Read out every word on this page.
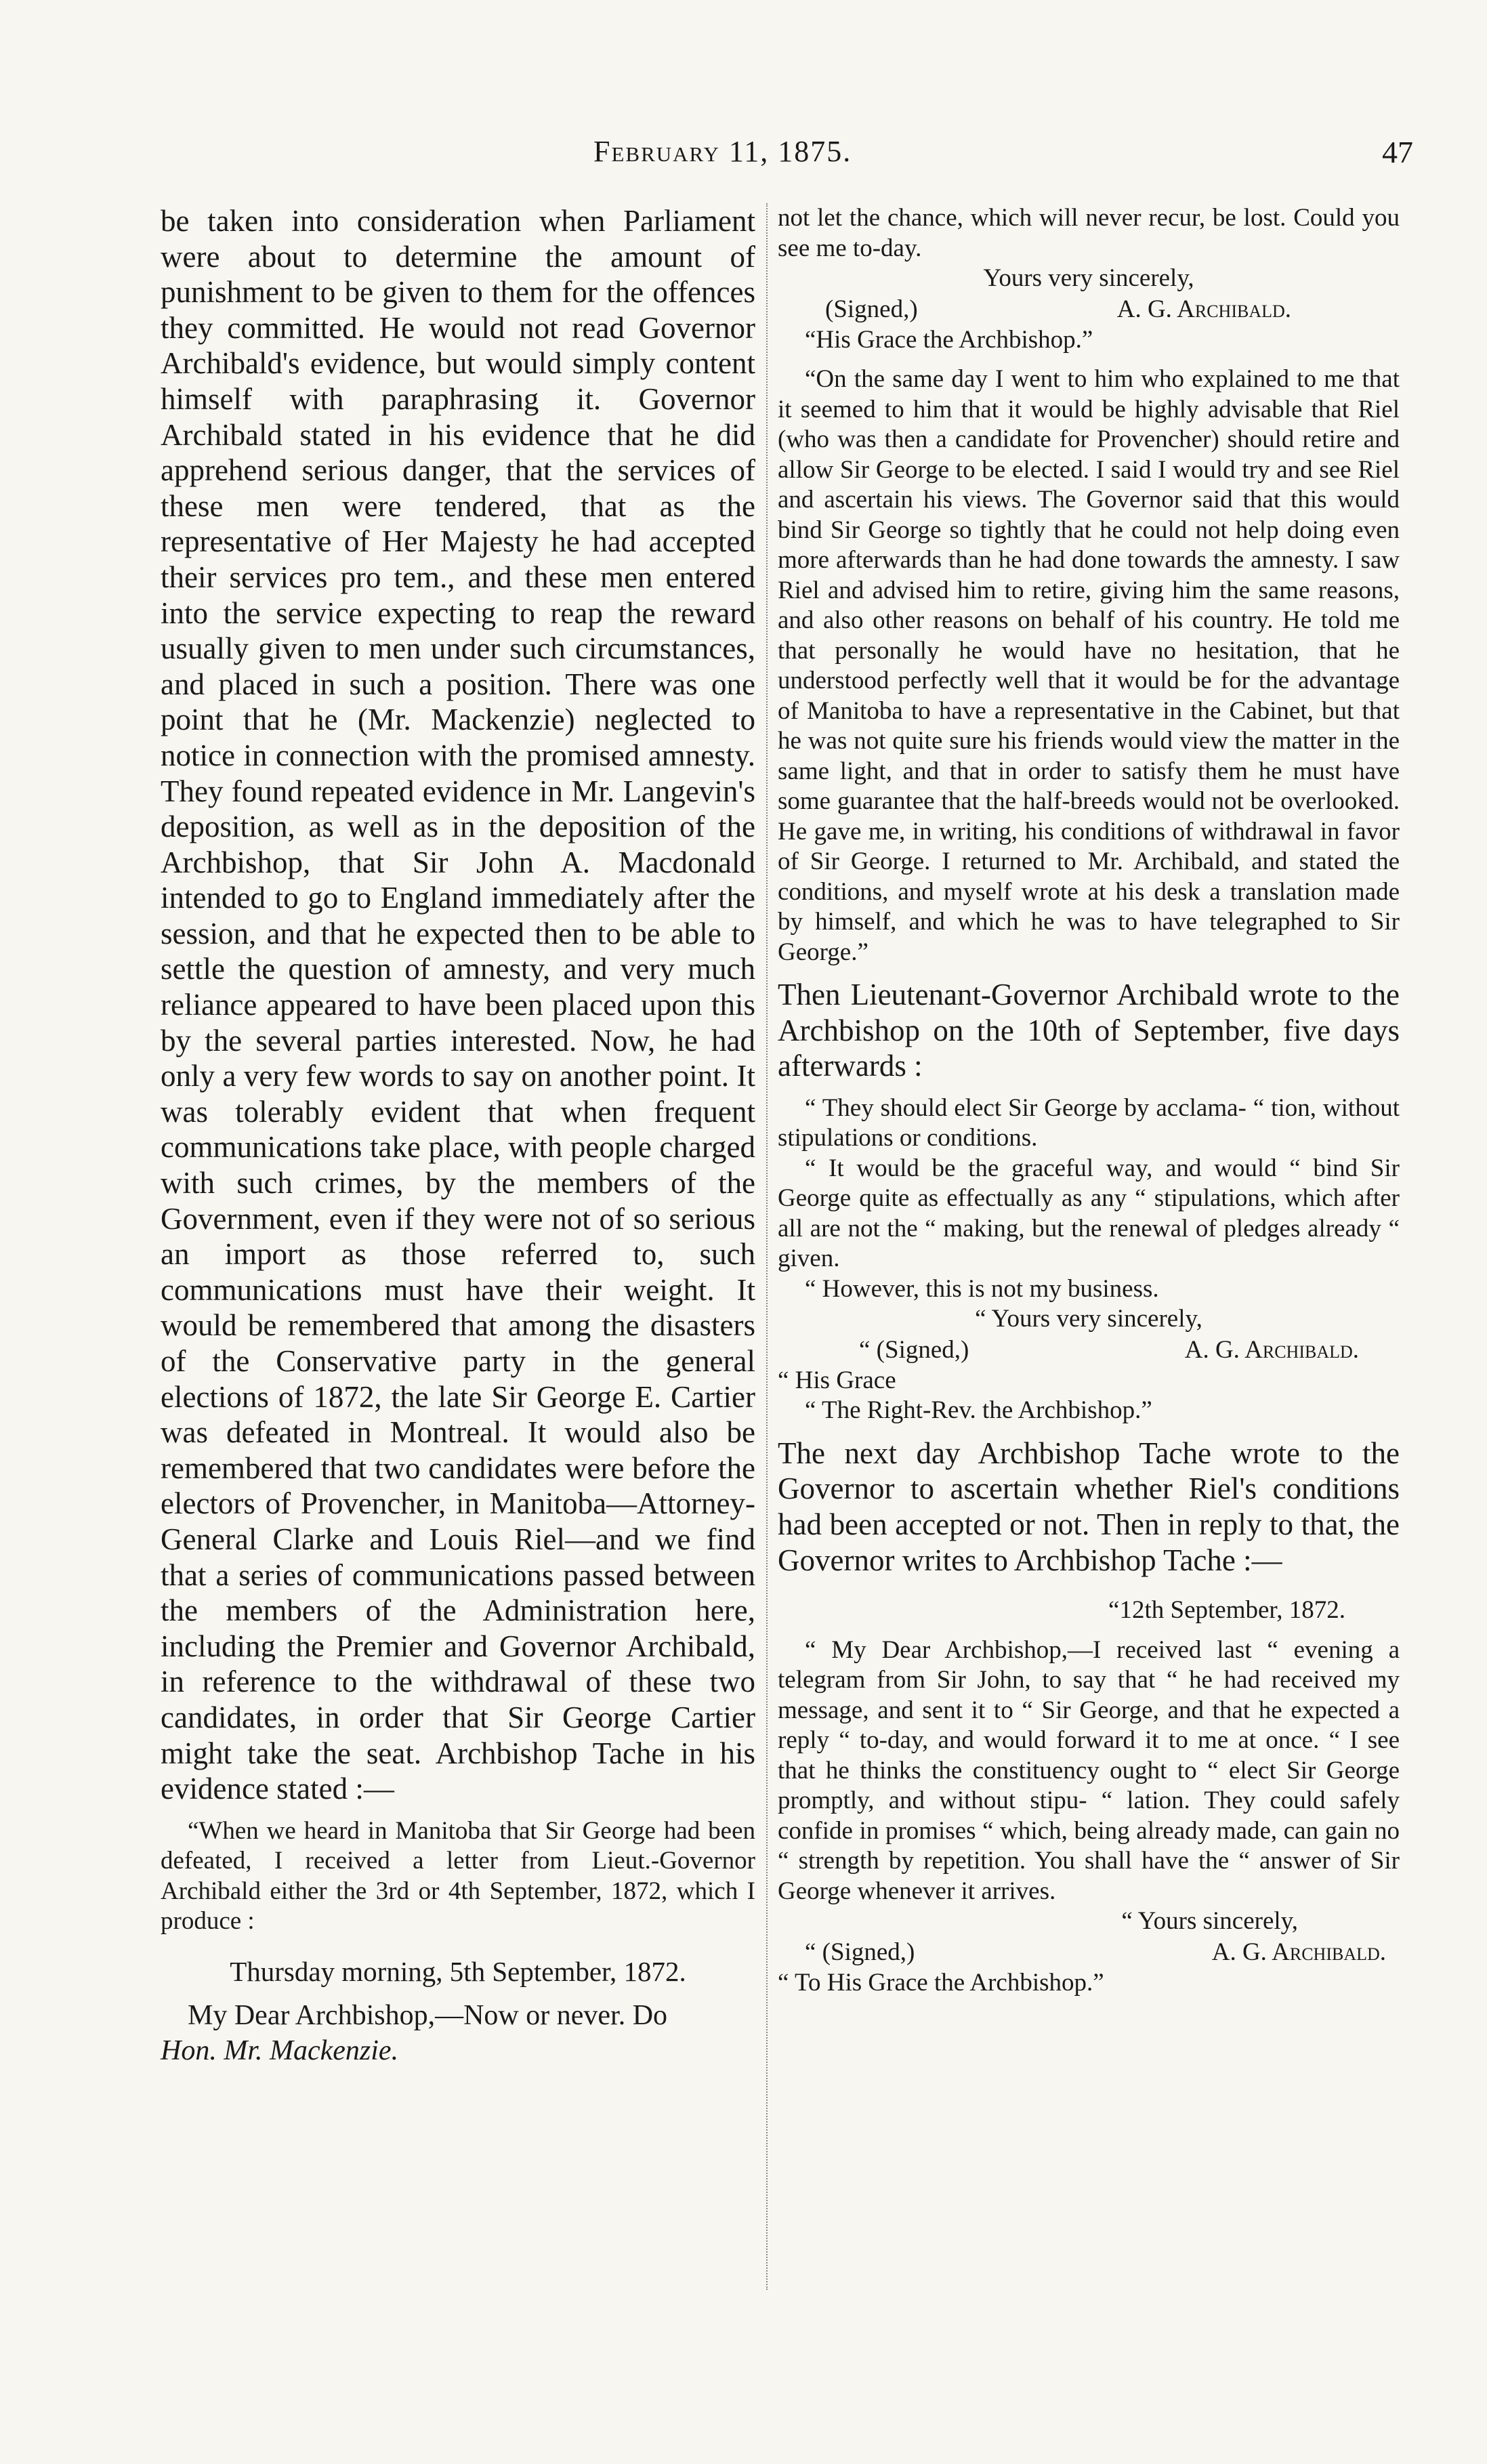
February 11, 1875.	47

be taken into consideration when Parliament were about to determine the amount of punishment to be given to them for the offences they committed. He would not read Governor Archibald's evidence, but would simply content himself with paraphrasing it. Governor Archibald stated in his evidence that he did apprehend serious danger, that the services of these men were tendered, that as the representative of Her Majesty he had accepted their services pro tem., and these men entered into the service expecting to reap the reward usually given to men under such circumstances, and placed in such a position. There was one point that he (Mr. Mackenzie) neglected to notice in connection with the promised amnesty. They found repeated evidence in Mr. Langevin's deposition, as well as in the deposition of the Archbishop, that Sir John A. Macdonald intended to go to England immediately after the session, and that he expected then to be able to settle the question of amnesty, and very much reliance appeared to have been placed upon this by the several parties interested. Now, he had only a very few words to say on another point. It was tolerably evident that when frequent communications take place, with people charged with such crimes, by the members of the Government, even if they were not of so serious an import as those referred to, such communications must have their weight. It would be remembered that among the disasters of the Conservative party in the general elections of 1872, the late Sir George E. Cartier was defeated in Montreal. It would also be remembered that two candidates were before the electors of Provencher, in Manitoba—Attorney-General Clarke and Louis Riel—and we find that a series of communications passed between the members of the Administration here, including the Premier and Governor Archibald, in reference to the withdrawal of these two candidates, in order that Sir George Cartier might take the seat. Archbishop Tache in his evidence stated :—

“When we heard in Manitoba that Sir George had been defeated, I received a letter from Lieut.-Governor Archibald either the 3rd or 4th September, 1872, which I produce :

Thursday morning, 5th September, 1872.
My Dear Archbishop,—Now or never. Do
Hon. Mr. Mackenzie.

not let the chance, which will never recur, be lost. Could you see me to-day.

Yours very sincerely,
(Signed,)	A. G. Archibald.
“His Grace the Archbishop.”

“On the same day I went to him who explained to me that it seemed to him that it would be highly advisable that Riel (who was then a candidate for Provencher) should retire and allow Sir George to be elected. I said I would try and see Riel and ascertain his views. The Governor said that this would bind Sir George so tightly that he could not help doing even more afterwards than he had done towards the amnesty. I saw Riel and advised him to retire, giving him the same reasons, and also other reasons on behalf of his country. He told me that personally he would have no hesitation, that he understood perfectly well that it would be for the advantage of Manitoba to have a representative in the Cabinet, but that he was not quite sure his friends would view the matter in the same light, and that in order to satisfy them he must have some guarantee that the half-breeds would not be overlooked. He gave me, in writing, his conditions of withdrawal in favor of Sir George. I returned to Mr. Archibald, and stated the conditions, and myself wrote at his desk a translation made by himself, and which he was to have telegraphed to Sir George.”

Then Lieutenant-Governor Archibald wrote to the Archbishop on the 10th of September, five days afterwards :

“ They should elect Sir George by acclama- “ tion, without stipulations or conditions.

“ It would be the graceful way, and would “ bind Sir George quite as effectually as any “ stipulations, which after all are not the “ making, but the renewal of pledges already “ given.

“ However, this is not my business.

“ Yours very sincerely,
“ (Signed,)	A. G. Archibald.
“ His Grace
“ The Right-Rev. the Archbishop.”

The next day Archbishop Tache wrote to the Governor to ascertain whether Riel's conditions had been accepted or not. Then in reply to that, the Governor writes to Archbishop Tache :—

“12th September, 1872.

“ My Dear Archbishop,—I received last “ evening a telegram from Sir John, to say that “ he had received my message, and sent it to “ Sir George, and that he expected a reply “ to-day, and would forward it to me at once. “ I see that he thinks the constituency ought to “ elect Sir George promptly, and without stipu- “ lation. They could safely confide in promises “ which, being already made, can gain no “ strength by repetition. You shall have the “ answer of Sir George whenever it arrives.

“ Yours sincerely,
“ (Signed,)	A. G. Archibald.
“ To His Grace the Archbishop.”
